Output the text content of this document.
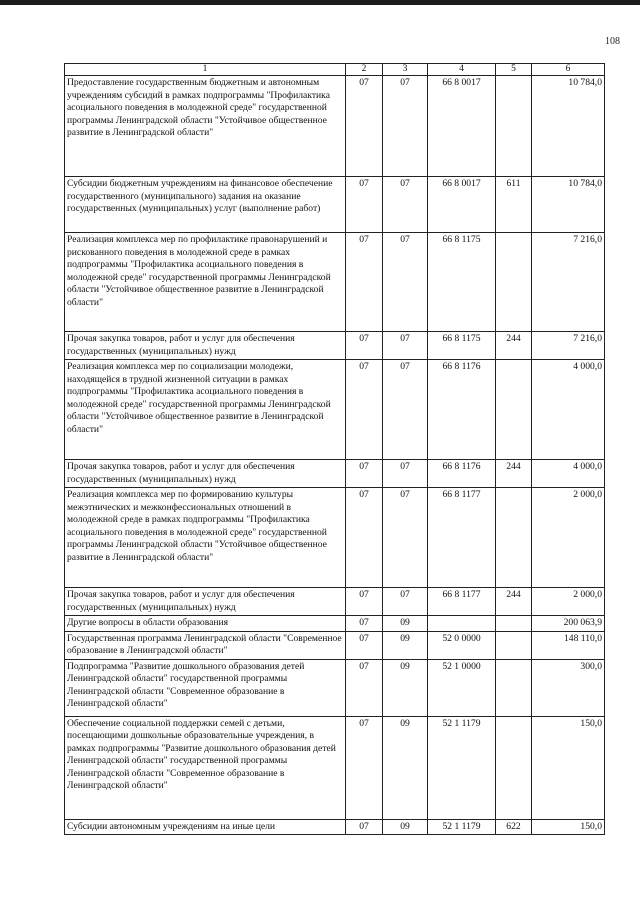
108
1	2	3	4	5	6
Предоставление государственным бюджетным и автономным учреждениям субсидий в рамках подпрограммы "Профилактика асоциального поведения в молодежной среде" государственной программы Ленинградской области "Устойчивое общественное развитие в Ленинградской области"	07	07	66 8 0017		10 784,0
Субсидии бюджетным учреждениям на финансовое обеспечение государственного (муниципального) задания на оказание государственных (муниципальных) услуг (выполнение работ)	07	07	66 8 0017	611	10 784,0
Реализация комплекса мер по профилактике правонарушений и рискованного поведения в молодежной среде в рамках подпрограммы "Профилактика асоциального поведения в молодежной среде" государственной программы Ленинградской области "Устойчивое общественное развитие в Ленинградской области"	07	07	66 8 1175		7 216,0
Прочая закупка товаров, работ и услуг для обеспечения государственных (муниципальных) нужд	07	07	66 8 1175	244	7 216,0
Реализация комплекса мер по социализации молодежи, находящейся в трудной жизненной ситуации в рамках подпрограммы "Профилактика асоциального поведения в молодежной среде" государственной программы Ленинградской области "Устойчивое общественное развитие в Ленинградской области"	07	07	66 8 1176		4 000,0
Прочая закупка товаров, работ и услуг для обеспечения государственных (муниципальных) нужд	07	07	66 8 1176	244	4 000,0
Реализация комплекса мер по формированию культуры межэтнических и межконфессиональных отношений в молодежной среде в рамках подпрограммы "Профилактика асоциального поведения в молодежной среде" государственной программы Ленинградской области "Устойчивое общественное развитие в Ленинградской области"	07	07	66 8 1177		2 000,0
Прочая закупка товаров, работ и услуг для обеспечения государственных (муниципальных) нужд	07	07	66 8 1177	244	2 000,0
Другие вопросы в области образования	07	09			200 063,9
Государственная программа Ленинградской области "Современное образование в Ленинградской области"	07	09	52 0 0000		148 110,0
Подпрограмма "Развитие дошкольного образования детей Ленинградской области" государственной программы Ленинградской области "Современное образование в Ленинградской области"	07	09	52 1 0000		300,0
Обеспечение социальной поддержки семей с детьми, посещающими дошкольные образовательные учреждения, в рамках подпрограммы "Развитие дошкольного образования детей Ленинградской области" государственной программы Ленинградской области "Современное образование в Ленинградской области"	07	09	52 1 1179		150,0
Субсидии автономным учреждениям на иные цели	07	09	52 1 1179	622	150,0
